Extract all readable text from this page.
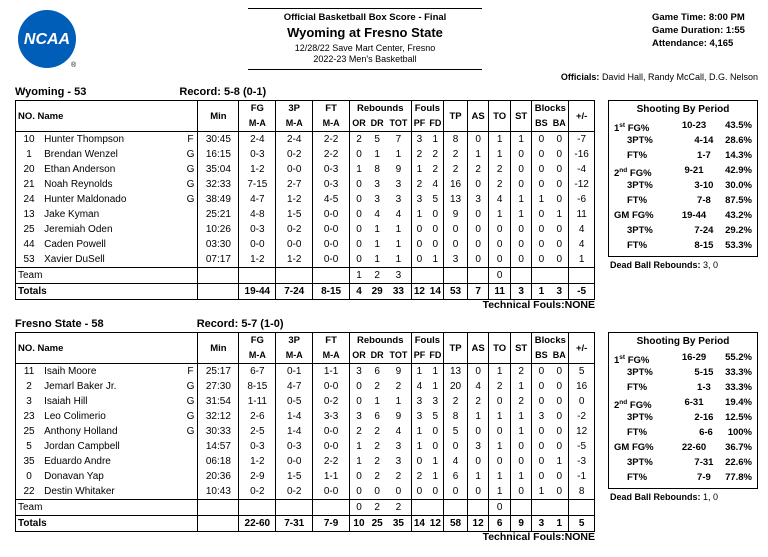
NCAA
®
Official Basketball Box Score - Final
Wyoming at Fresno State
12/28/22 Save Mart Center, Fresno
2022-23 Men's Basketball
Game Time: 8:00 PM
Game Duration: 1:55
Attendance: 4,165
Officials: David Hall, Randy McCall, D.G. Nelson
Wyoming - 53	Record: 5-8 (0-1)
NO. Name			Min	FG	3P	FT	Rebounds			Fouls		TP	AS	TO	ST	Blocks		+/-
				M-A	M-A	M-A	OR	DR	TOT	PF	FD					BS	BA	
10	Hunter Thompson	F	30:45	2-4	2-4	2-2	2	5	7	3	1	8	0	1	1	0	0	-7
1	Brendan Wenzel	G	16:15	0-3	0-2	2-2	0	1	1	2	2	2	1	1	0	0	0	-16
20	Ethan Anderson	G	35:04	1-2	0-0	0-3	1	8	9	1	2	2	2	2	0	0	0	-4
21	Noah Reynolds	G	32:33	7-15	2-7	0-3	0	3	3	2	4	16	0	2	0	0	0	-12
24	Hunter Maldonado	G	38:49	4-7	1-2	4-5	0	3	3	3	5	13	3	4	1	1	0	-6
13	Jake Kyman		25:21	4-8	1-5	0-0	0	4	4	1	0	9	0	1	1	0	1	11
25	Jeremiah Oden		10:26	0-3	0-2	0-0	0	1	1	0	0	0	0	0	0	0	0	4
44	Caden Powell		03:30	0-0	0-0	0-0	0	1	1	0	0	0	0	0	0	0	0	4
53	Xavier DuSell		07:17	1-2	1-2	0-0	0	1	1	0	1	3	0	0	0	0	0	1
Team							1	2	3					0				
Totals				19-44	7-24	8-15	4	29	33	12	14	53	7	11	3	1	3	-5
Shooting By Period
1st FG%	10-23	43.5%
3PT%	4-14	28.6%
FT%	1-7	14.3%
2nd FG%	9-21	42.9%
3PT%	3-10	30.0%
FT%	7-8	87.5%
GM FG%	19-44	43.2%
3PT%	7-24	29.2%
FT%	8-15	53.3%
Dead Ball Rebounds: 3, 0
Technical Fouls:NONE
Fresno State - 58	Record: 5-7 (1-0)
NO. Name			Min	FG	3P	FT	Rebounds			Fouls		TP	AS	TO	ST	Blocks		+/-
				M-A	M-A	M-A	OR	DR	TOT	PF	FD					BS	BA	
11	Isaih Moore	F	25:17	6-7	0-1	1-1	3	6	9	1	1	13	0	1	2	0	0	5
2	Jemarl Baker Jr.	G	27:30	8-15	4-7	0-0	0	2	2	4	1	20	4	2	1	0	0	16
3	Isaiah Hill	G	31:54	1-11	0-5	0-2	0	1	1	3	3	2	2	0	2	0	0	0
23	Leo Colimerio	G	32:12	2-6	1-4	3-3	3	6	9	3	5	8	1	1	1	3	0	-2
25	Anthony Holland	G	30:33	2-5	1-4	0-0	2	2	4	1	0	5	0	0	1	0	0	12
5	Jordan Campbell		14:57	0-3	0-3	0-0	1	2	3	1	0	0	3	1	0	0	0	-5
35	Eduardo Andre		06:18	1-2	0-0	2-2	1	2	3	0	1	4	0	0	0	0	1	-3
0	Donavan Yap		20:36	2-9	1-5	1-1	0	2	2	2	1	6	1	1	1	0	0	-1
22	Destin Whitaker		10:43	0-2	0-2	0-0	0	0	0	0	0	0	0	1	0	1	0	8
Team							0	2	2					0				
Totals				22-60	7-31	7-9	10	25	35	14	12	58	12	6	9	3	1	5
Shooting By Period
1st FG%	16-29	55.2%
3PT%	5-15	33.3%
FT%	1-3	33.3%
2nd FG%	6-31	19.4%
3PT%	2-16	12.5%
FT%	6-6	100%
GM FG%	22-60	36.7%
3PT%	7-31	22.6%
FT%	7-9	77.8%
Dead Ball Rebounds: 1, 0
Technical Fouls:NONE
